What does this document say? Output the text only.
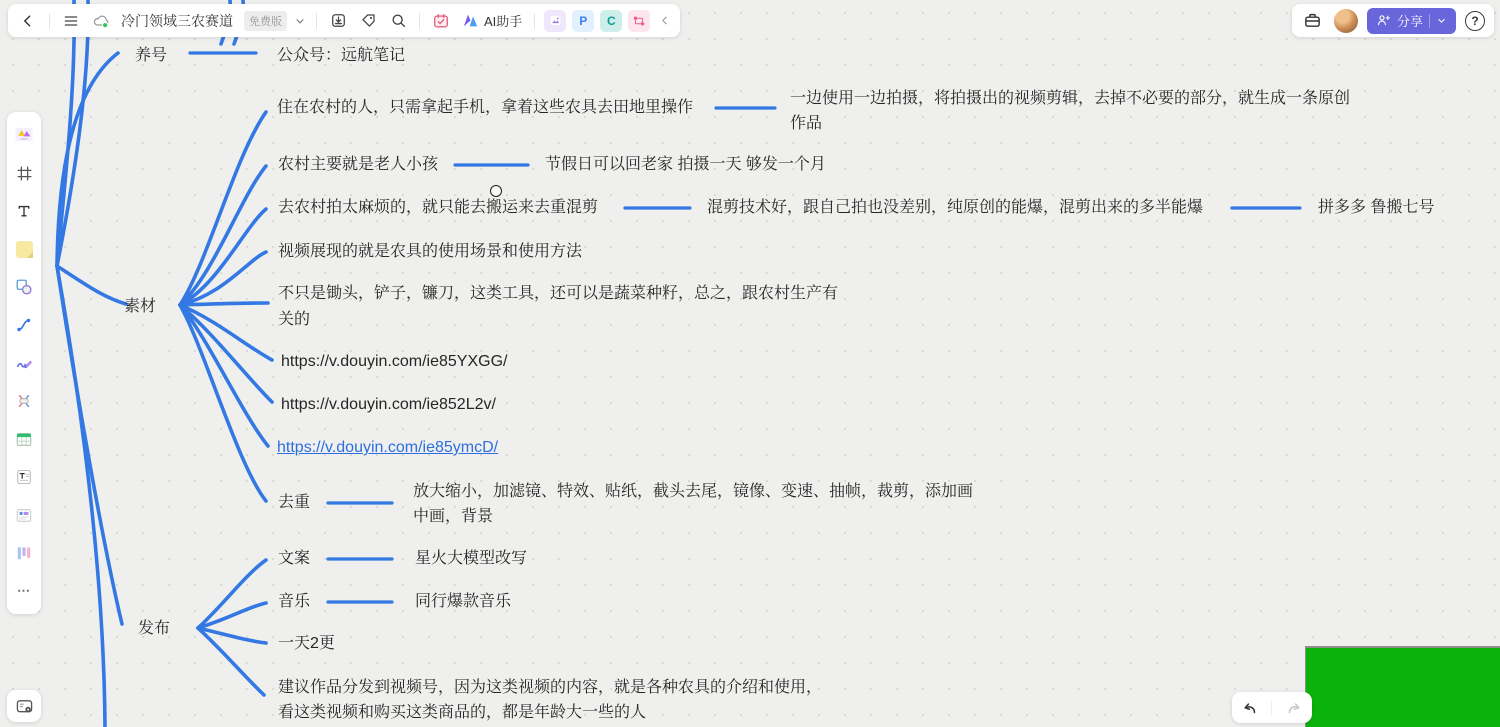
养号	公众号：远航笔记
素材
住在农村的人，只需拿起手机，拿着这些农具去田地里操作
一边使用一边拍摄，将拍摄出的视频剪辑，去掉不必要的部分，就生成一条原创作品
农村主要就是老人小孩	节假日可以回老家 拍摄一天 够发一个月
去农村拍太麻烦的，就只能去搬运来去重混剪	混剪技术好，跟自己拍也没差别，纯原创的能爆，混剪出来的多半能爆	拼多多 鲁搬七号
视频展现的就是农具的使用场景和使用方法
不只是锄头，铲子，镰刀，这类工具，还可以是蔬菜种籽，总之，跟农村生产有关的
https://v.douyin.com/ie85YXGG/
https://v.douyin.com/ie852L2v/
https://v.douyin.com/ie85ymcD/
去重
放大缩小，加滤镜、特效、贴纸，截头去尾，镜像、变速、抽帧，裁剪，添加画中画，背景
发布
文案	星火大模型改写
音乐	同行爆款音乐
一天2更
建议作品分发到视频号，因为这类视频的内容，就是各种农具的介绍和使用，看这类视频和购买这类商品的，都是年龄大一些的人
冷门领域三农赛道	免费版	AI助手	P C	分享	?
⋯
